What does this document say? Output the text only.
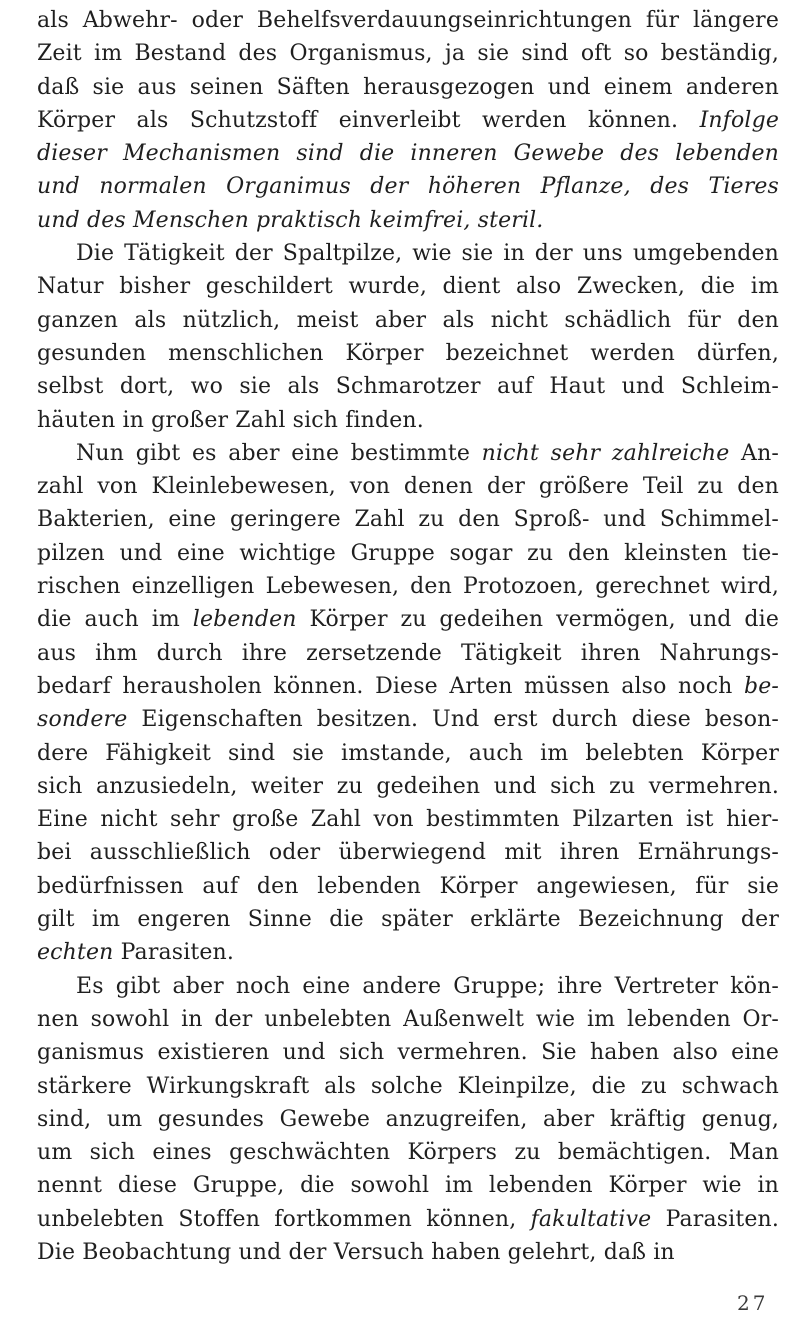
als Abwehr- oder Behelfsverdauungseinrichtungen für längere
Zeit im Bestand des Organismus, ja sie sind oft so beständig,
daß sie aus seinen Säften herausgezogen und einem anderen
Körper als Schutzstoff einverleibt werden können. Infolge
dieser Mechanismen sind die inneren Gewebe des lebenden
und normalen Organimus der höheren Pflanze, des Tieres
und des Menschen praktisch keimfrei, steril.
Die Tätigkeit der Spaltpilze, wie sie in der uns umgebenden
Natur bisher geschildert wurde, dient also Zwecken, die im
ganzen als nützlich, meist aber als nicht schädlich für den
gesunden menschlichen Körper bezeichnet werden dürfen,
selbst dort, wo sie als Schmarotzer auf Haut und Schleim-
häuten in großer Zahl sich finden.
Nun gibt es aber eine bestimmte nicht sehr zahlreiche An-
zahl von Kleinlebewesen, von denen der größere Teil zu den
Bakterien, eine geringere Zahl zu den Sproß- und Schimmel-
pilzen und eine wichtige Gruppe sogar zu den kleinsten tie-
rischen einzelligen Lebewesen, den Protozoen, gerechnet wird,
die auch im lebenden Körper zu gedeihen vermögen, und die
aus ihm durch ihre zersetzende Tätigkeit ihren Nahrungs-
bedarf herausholen können. Diese Arten müssen also noch be-
sondere Eigenschaften besitzen. Und erst durch diese beson-
dere Fähigkeit sind sie imstande, auch im belebten Körper
sich anzusiedeln, weiter zu gedeihen und sich zu vermehren.
Eine nicht sehr große Zahl von bestimmten Pilzarten ist hier-
bei ausschließlich oder überwiegend mit ihren Ernährungs-
bedürfnissen auf den lebenden Körper angewiesen, für sie
gilt im engeren Sinne die später erklärte Bezeichnung der
echten Parasiten.
Es gibt aber noch eine andere Gruppe; ihre Vertreter kön-
nen sowohl in der unbelebten Außenwelt wie im lebenden Or-
ganismus existieren und sich vermehren. Sie haben also eine
stärkere Wirkungskraft als solche Kleinpilze, die zu schwach
sind, um gesundes Gewebe anzugreifen, aber kräftig genug,
um sich eines geschwächten Körpers zu bemächtigen. Man
nennt diese Gruppe, die sowohl im lebenden Körper wie in
unbelebten Stoffen fortkommen können, fakultative Parasiten.
Die Beobachtung und der Versuch haben gelehrt, daß in
27
